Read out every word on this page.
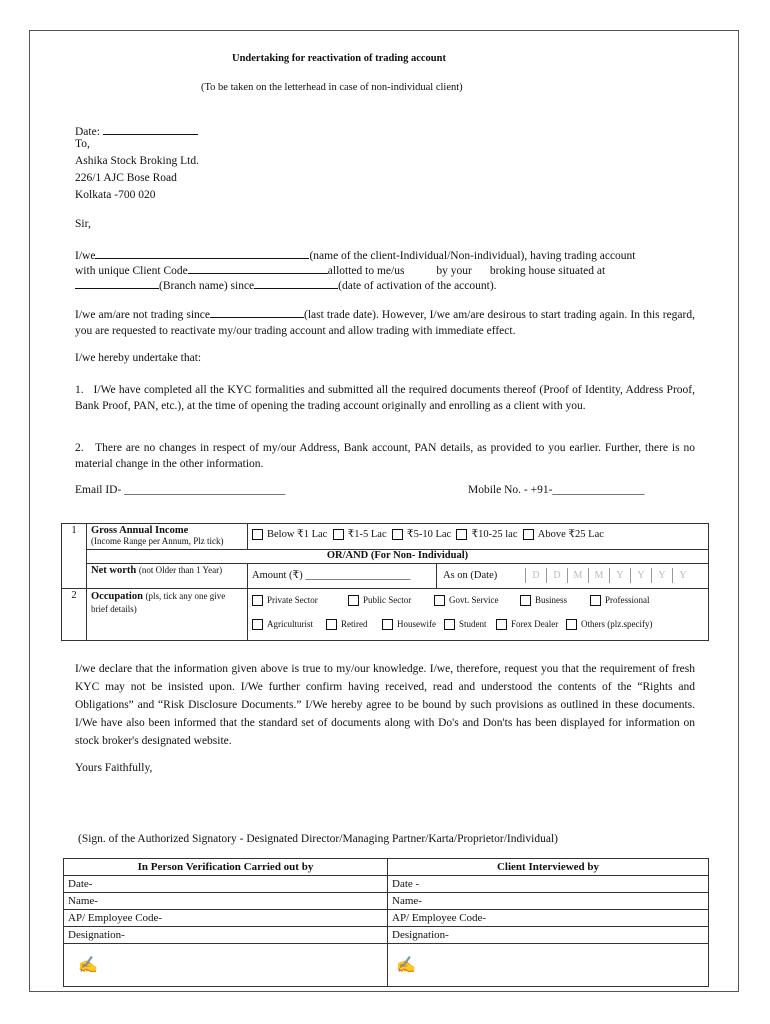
Undertaking for reactivation of trading account
(To be taken on the letterhead in case of non-individual client)
Date:
To,
Ashika Stock Broking Ltd.
226/1 AJC Bose Road
Kolkata -700 020
Sir,
I/we	(name of the client-Individual/Non-individual), having trading account
with unique Client Code	allotted to me/us	by your broking house situated at
(Branch name) since	(date of activation of the account).
I/we am/are not trading since	(last trade date). However, I/we am/are desirous to start trading again. In this regard, you are requested to reactivate my/our trading account and allow trading with immediate effect.
I/we hereby undertake that:
1.   I/We have completed all the KYC formalities and submitted all the required documents thereof (Proof of Identity, Address Proof, Bank Proof, PAN, etc.), at the time of opening the trading account originally and enrolling as a client with you.
2.   There are no changes in respect of my/our Address, Bank account, PAN details, as provided to you earlier. Further, there is no material change in the other information.
Email ID- ____________________________	Mobile No. - +91-________________
1	Gross Annual Income
(Income Range per Annum, Plz tick)	Below ₹1 Lac ₹1-5 Lac ₹5-10 Lac ₹10-25 lac Above ₹25 Lac	
	OR/AND (For Non- Individual)		
	Net worth (not Older than 1 Year)	Amount (₹) ____________________	As on (Date) D D M M Y Y Y Y
2	Occupation (pls, tick any one give brief details)	Private Sector Public Sector Govt. Service Business Professional
Agriculturist Retired Housewife Student Forex Dealer Others (plz.specify)	
I/we declare that the information given above is true to my/our knowledge. I/we, therefore, request you that the requirement of fresh KYC may not be insisted upon. I/We further confirm having received, read and understood the contents of the “Rights and Obligations” and “Risk Disclosure Documents.” I/We hereby agree to be bound by such provisions as outlined in these documents. I/We have also been informed that the standard set of documents along with Do's and Don'ts has been displayed for information on stock broker's designated website.
Yours Faithfully,
(Sign. of the Authorized Signatory - Designated Director/Managing Partner/Karta/Proprietor/Individual)
In Person Verification Carried out by	Client Interviewed by
Date-	Date -
Name-	Name-
AP/ Employee Code-	AP/ Employee Code-
Designation-	Designation-
✍	✍
